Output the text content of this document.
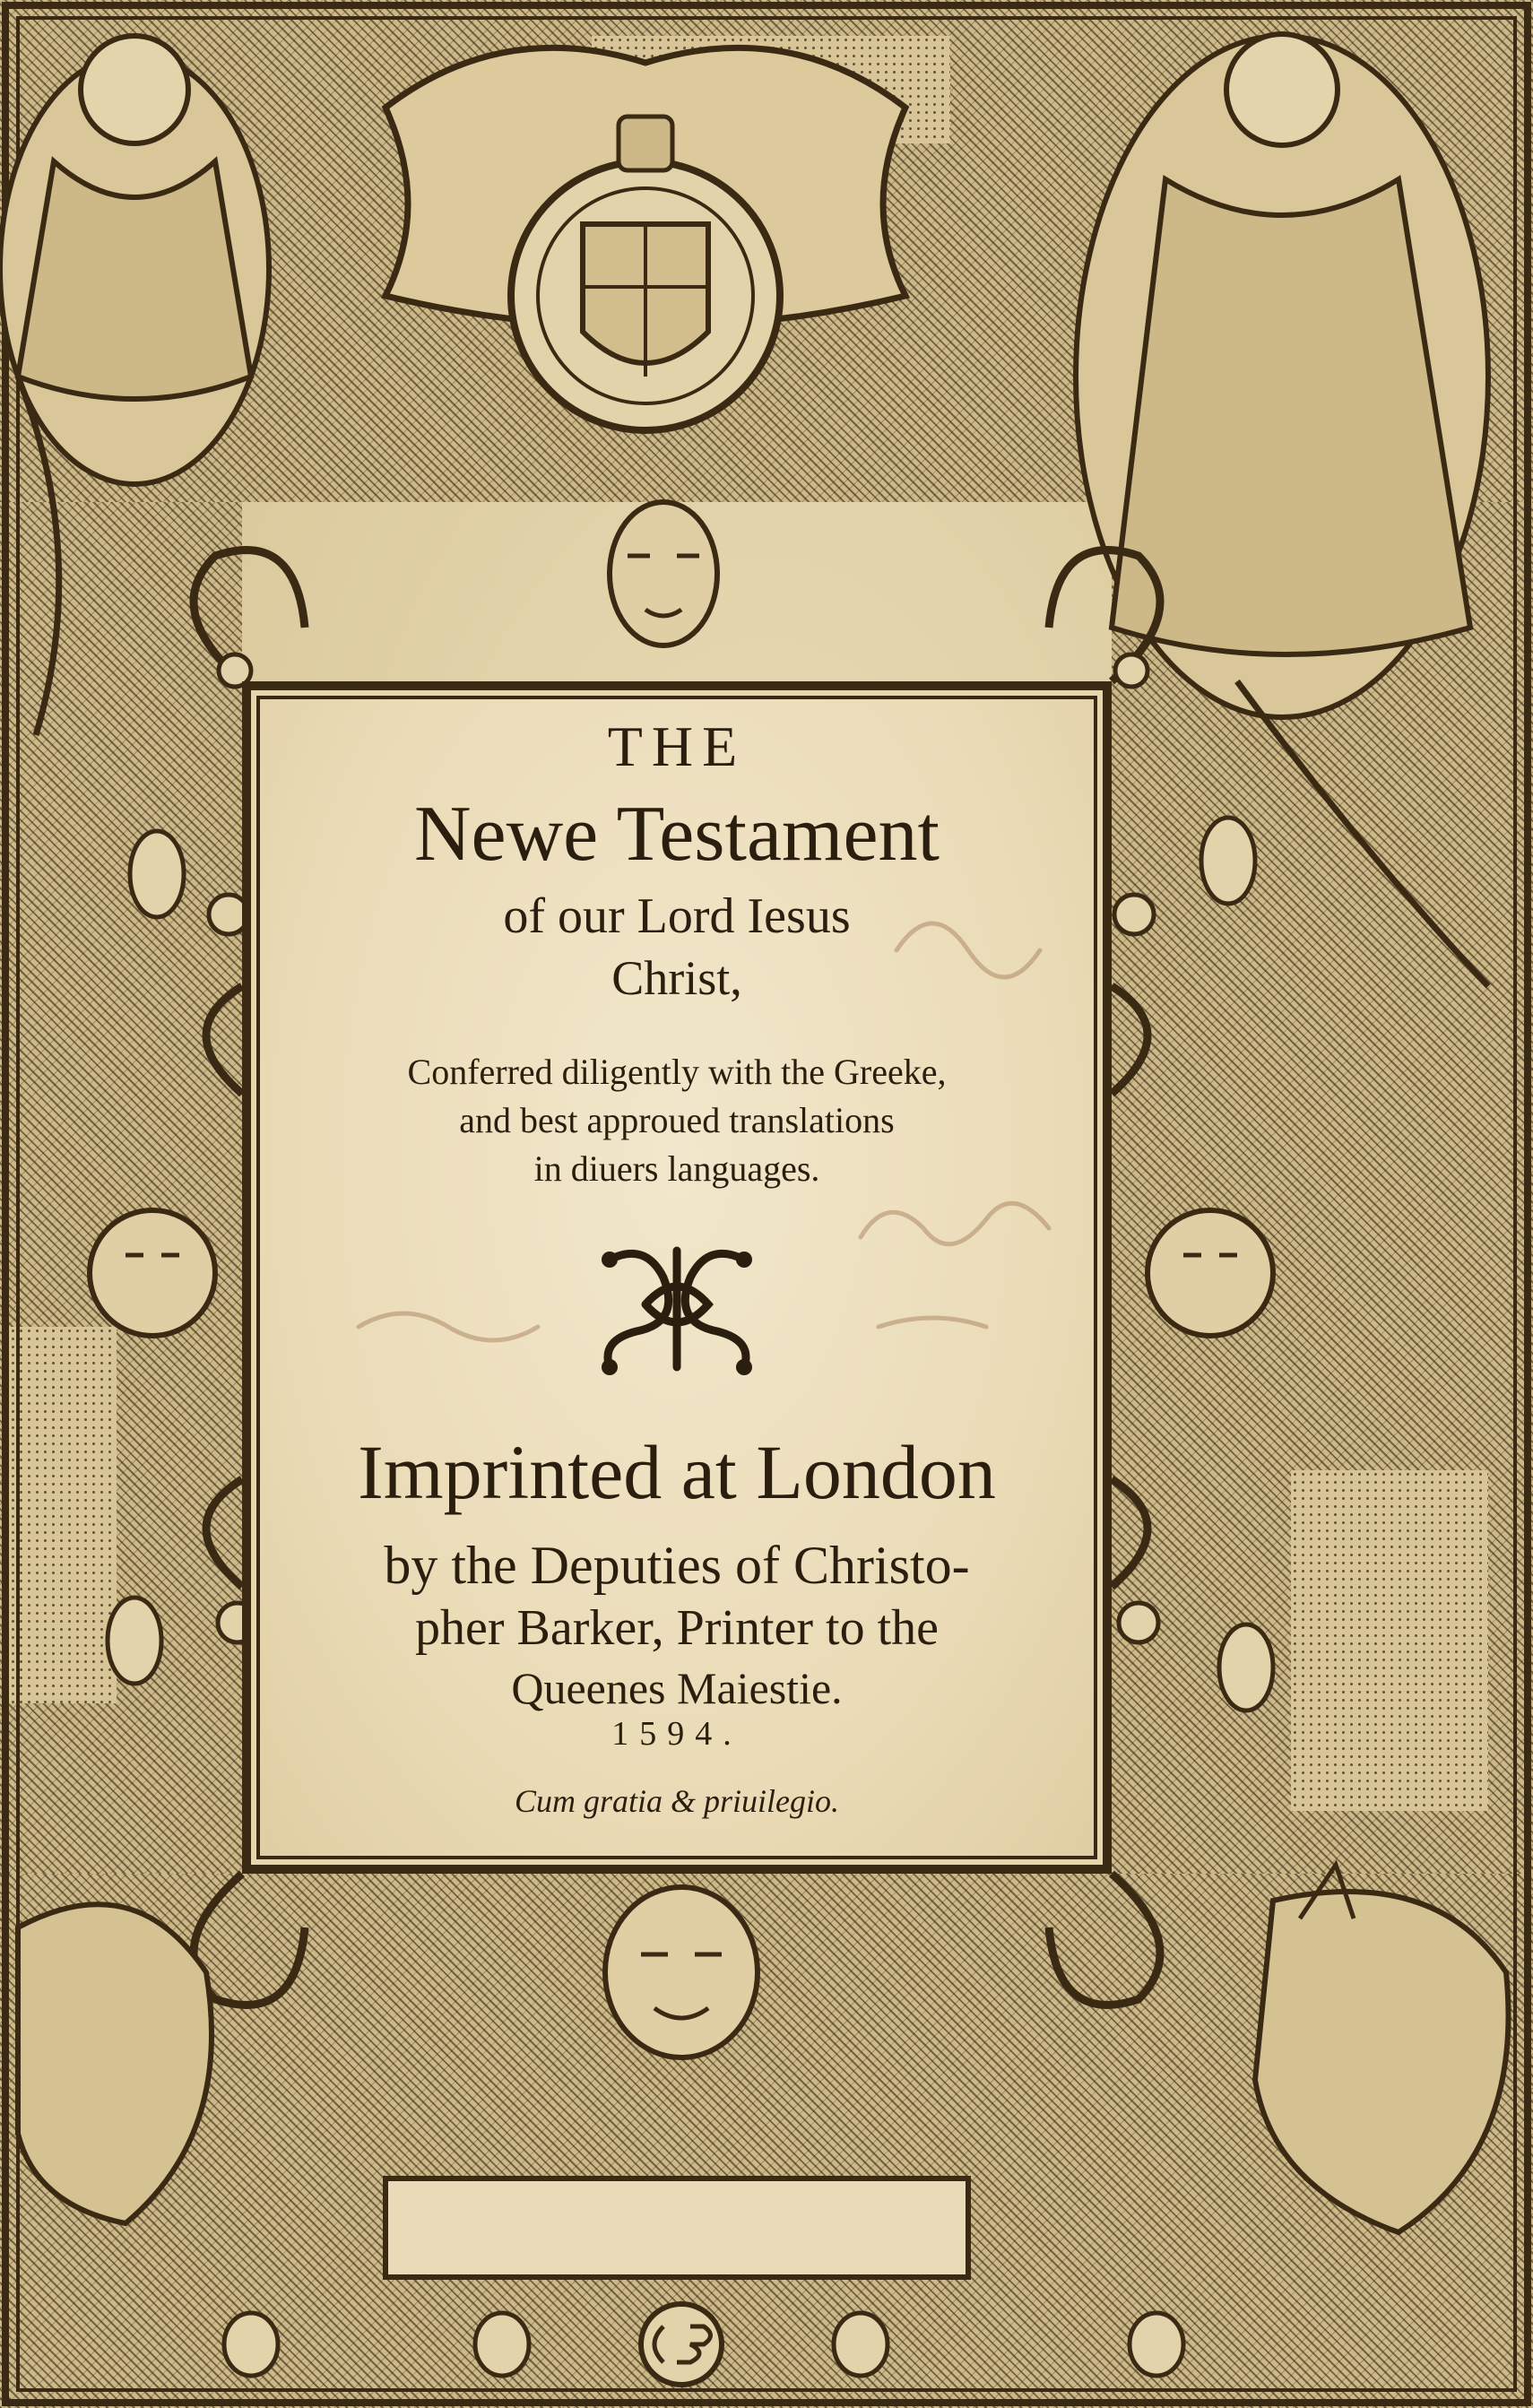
THE
Newe Testament
of our Lord Iesus
Christ,
Conferred diligently with the Greeke,
and best approued translations
in diuers languages.
Imprinted at London
by the Deputies of Christo-
pher Barker, Printer to the
Queenes Maiestie.
1594.
Cum gratia & priuilegio.
